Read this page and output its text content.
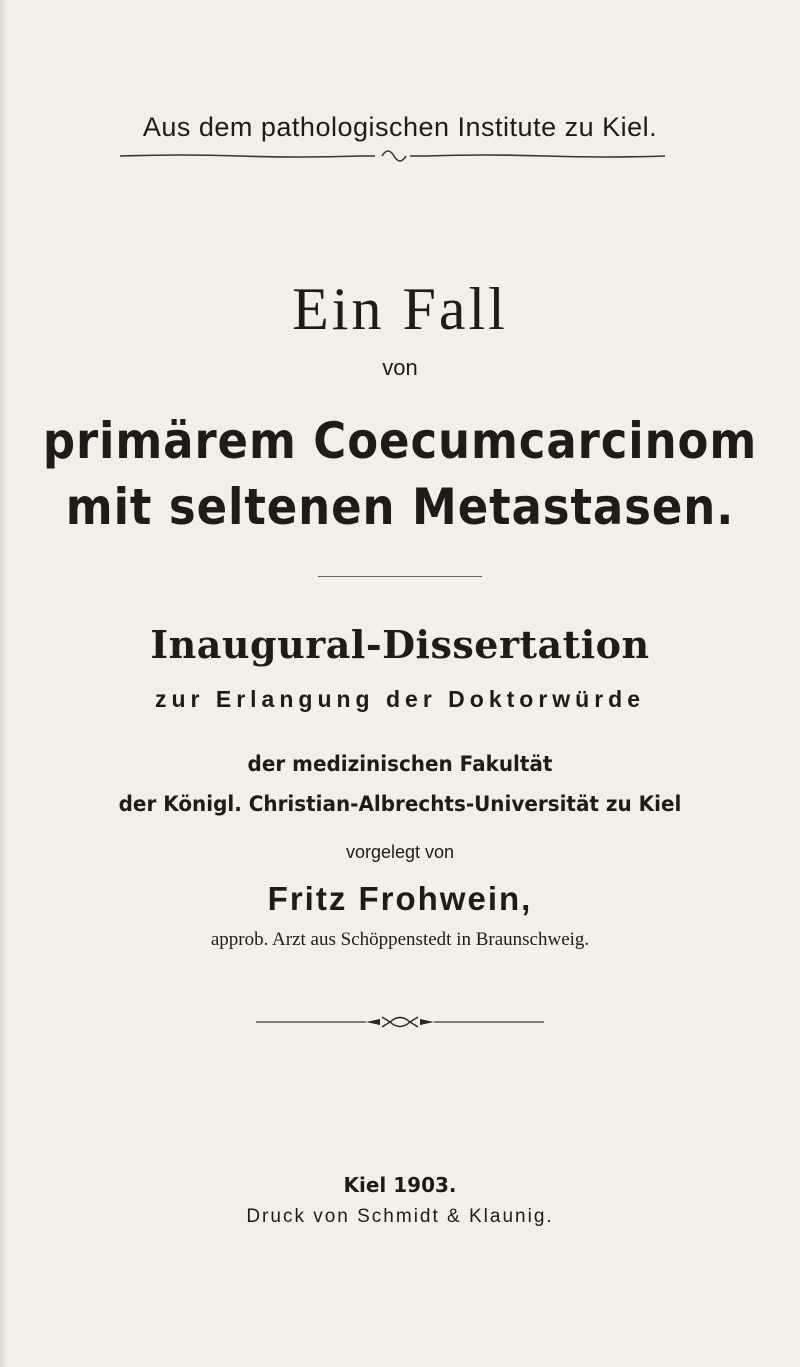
Aus dem pathologischen Institute zu Kiel.
Ein Fall
von
primärem Coecumcarcinom
mit seltenen Metastasen.
Inaugural-Dissertation
zur Erlangung der Doktorwürde
der medizinischen Fakultät
der Königl. Christian-Albrechts-Universität zu Kiel
vorgelegt von
Fritz Frohwein,
approb. Arzt aus Schöppenstedt in Braunschweig.
Kiel 1903.
Druck von Schmidt & Klaunig.
